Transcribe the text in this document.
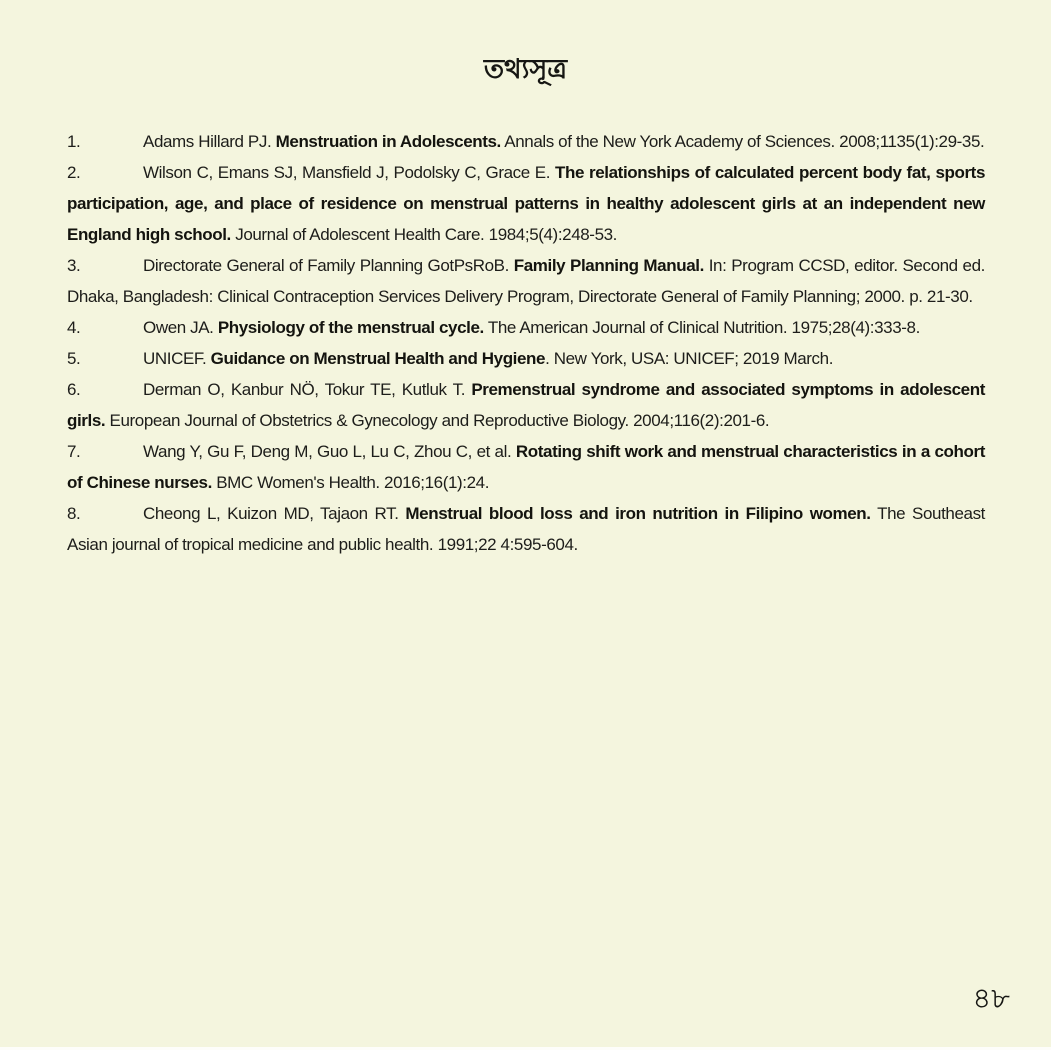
তথ্যসূত্র

1.	Adams Hillard PJ. Menstruation in Adolescents. Annals of the New York Academy of Sciences. 2008;1135(1):29-35.

2.	Wilson C, Emans SJ, Mansfield J, Podolsky C, Grace E. The relationships of calculated percent body fat, sports participation, age, and place of residence on menstrual patterns in healthy adolescent girls at an independent new England high school. Journal of Adolescent Health Care. 1984;5(4):248-53.

3.	Directorate General of Family Planning GotPsRoB. Family Planning Manual. In: Program CCSD, editor. Second ed. Dhaka, Bangladesh: Clinical Contraception Services Delivery Program, Directorate General of Family Planning; 2000. p. 21-30.

4.	Owen JA. Physiology of the menstrual cycle. The American Journal of Clinical Nutrition. 1975;28(4):333-8.

5.	UNICEF. Guidance on Menstrual Health and Hygiene. New York, USA: UNICEF; 2019 March.

6.	Derman O, Kanbur NÖ, Tokur TE, Kutluk T. Premenstrual syndrome and associated symptoms in adolescent girls. European Journal of Obstetrics & Gynecology and Reproductive Biology. 2004;116(2):201-6.

7.	Wang Y, Gu F, Deng M, Guo L, Lu C, Zhou C, et al. Rotating shift work and menstrual characteristics in a cohort of Chinese nurses. BMC Women's Health. 2016;16(1):24.

8.	Cheong L, Kuizon MD, Tajaon RT. Menstrual blood loss and iron nutrition in Filipino women. The Southeast Asian journal of tropical medicine and public health. 1991;22 4:595-604.

৪৮
